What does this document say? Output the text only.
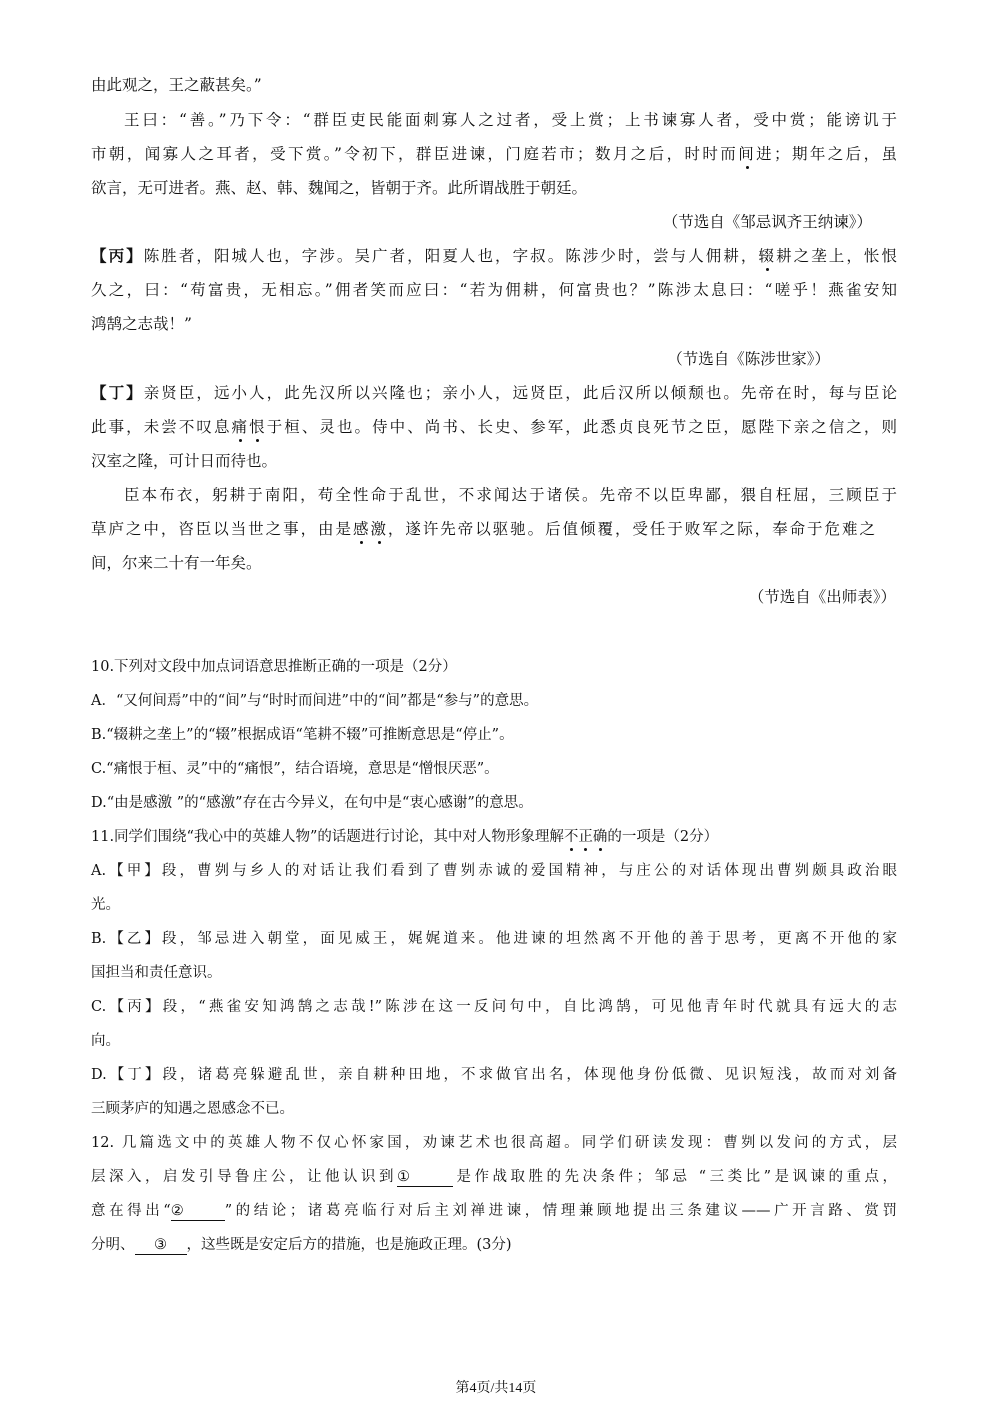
由此观之，王之蔽甚矣。”

王曰：“善。”乃下令：“群臣吏民能面刺寡人之过者，受上赏；上书谏寡人者，受中赏；能谤讥于

市朝，闻寡人之耳者，受下赏。”令初下，群臣进谏，门庭若市；数月之后，时时而间进；期年之后，虽

欲言，无可进者。燕、赵、韩、魏闻之，皆朝于齐。此所谓战胜于朝廷。

（节选自《邹忌讽齐王纳谏》）

【丙】陈胜者，阳城人也，字涉。吴广者，阳夏人也，字叔。陈涉少时，尝与人佣耕，辍耕之垄上，怅恨

久之，曰：“苟富贵，无相忘。”佣者笑而应曰：“若为佣耕，何富贵也？”陈涉太息曰：“嗟乎！燕雀安知

鸿鹄之志哉！”

（节选自《陈涉世家》）

【丁】亲贤臣，远小人，此先汉所以兴隆也；亲小人，远贤臣，此后汉所以倾颓也。先帝在时，每与臣论

此事，未尝不叹息痛恨于桓、灵也。侍中、尚书、长史、参军，此悉贞良死节之臣，愿陛下亲之信之，则

汉室之隆，可计日而待也。

臣本布衣，躬耕于南阳，苟全性命于乱世，不求闻达于诸侯。先帝不以臣卑鄙，猥自枉屈，三顾臣于

草庐之中，咨臣以当世之事，由是感激，遂许先帝以驱驰。后值倾覆，受任于败军之际，奉命于危难之

间，尔来二十有一年矣。

（节选自《出师表》）

10.下列对文段中加点词语意思推断正确的一项是（2分）

A．“又何间焉”中的“间”与“时时而间进”中的“间”都是“参与”的意思。

B.“辍耕之垄上”的“辍”根据成语“笔耕不辍”可推断意思是“停止”。

C.“痛恨于桓、灵”中的“痛恨”，结合语境，意思是“憎恨厌恶”。

D.“由是感激 ”的“感激”存在古今异义，在句中是“衷心感谢”的意思。

11.同学们围绕“我心中的英雄人物”的话题进行讨论，其中对人物形象理解不正确的一项是（2分）

A.【甲】段，曹刿与乡人的对话让我们看到了曹刿赤诚的爱国精神，与庄公的对话体现出曹刿颇具政治眼

光。

B.【乙】段，邹忌进入朝堂，面见威王，娓娓道来。他进谏的坦然离不开他的善于思考，更离不开他的家

国担当和责任意识。

C.【丙】段，“燕雀安知鸿鹄之志哉!”陈涉在这一反问句中，自比鸿鹄，可见他青年时代就具有远大的志

向。

D.【丁】段，诸葛亮躲避乱世，亲自耕种田地，不求做官出名，体现他身份低微、见识短浅，故而对刘备

三顾茅庐的知遇之恩感念不已。

12. 几篇选文中的英雄人物不仅心怀家国，劝谏艺术也很高超。同学们研读发现：曹刿以发问的方式，层

层深入，启发引导鲁庄公，让他认识到①	是作战取胜的先决条件；邹忌 “三类比”是讽谏的重点，

意在得出“②	”的结论；诸葛亮临行对后主刘禅进谏，情理兼顾地提出三条建议——广开言路、赏罚

分明、 ③ ，这些既是安定后方的措施，也是施政正理。(3分)

第4页/共14页
